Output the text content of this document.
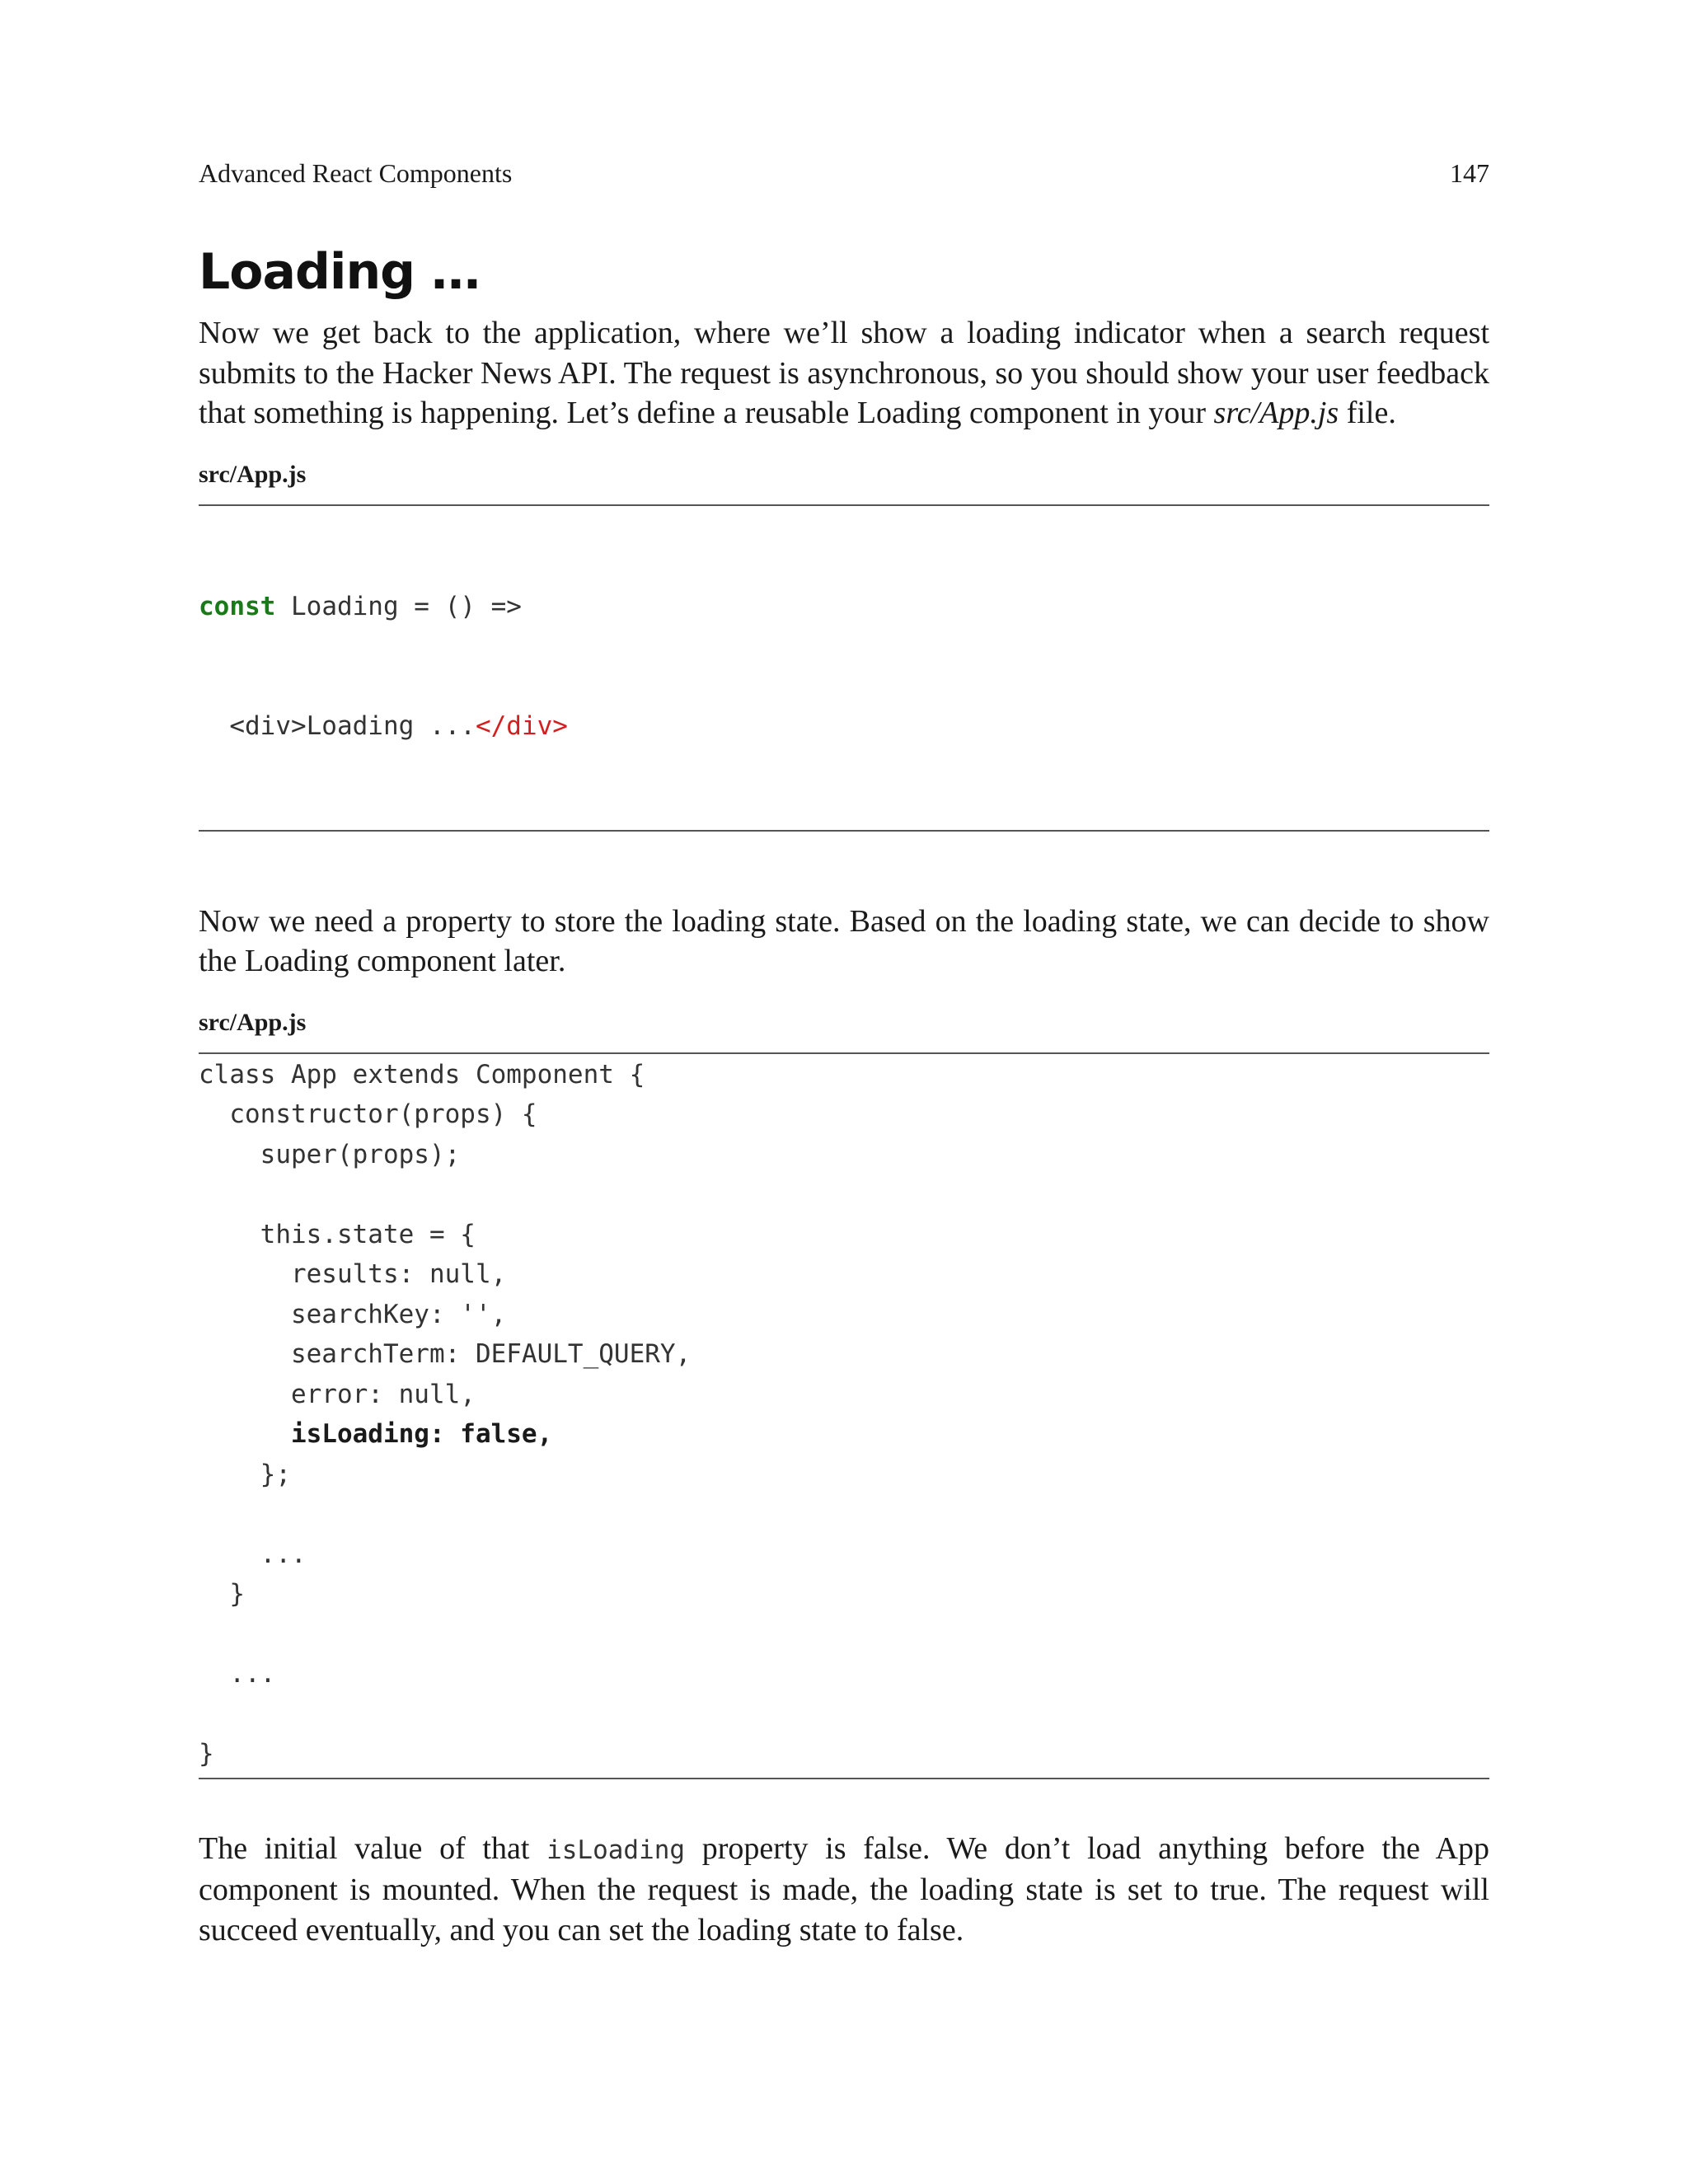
Advanced React Components	147
Loading …

Now we get back to the application, where we’ll show a loading indicator when a search request submits to the Hacker News API. The request is asynchronous, so you should show your user feedback that something is happening. Let’s define a reusable Loading component in your src/App.js file.

src/App.js

const Loading = () =>

<div>Loading ...</div>

Now we need a property to store the loading state. Based on the loading state, we can decide to show the Loading component later.

src/App.js
class App extends Component {
constructor(props) {
super(props);
this.state = {
results: null,
searchKey: '',
searchTerm: DEFAULT_QUERY,
error: null,
isLoading: false,
};
...
}
...
}

The initial value of that isLoading property is false. We don’t load anything before the App component is mounted. When the request is made, the loading state is set to true. The request will succeed eventually, and you can set the loading state to false.
